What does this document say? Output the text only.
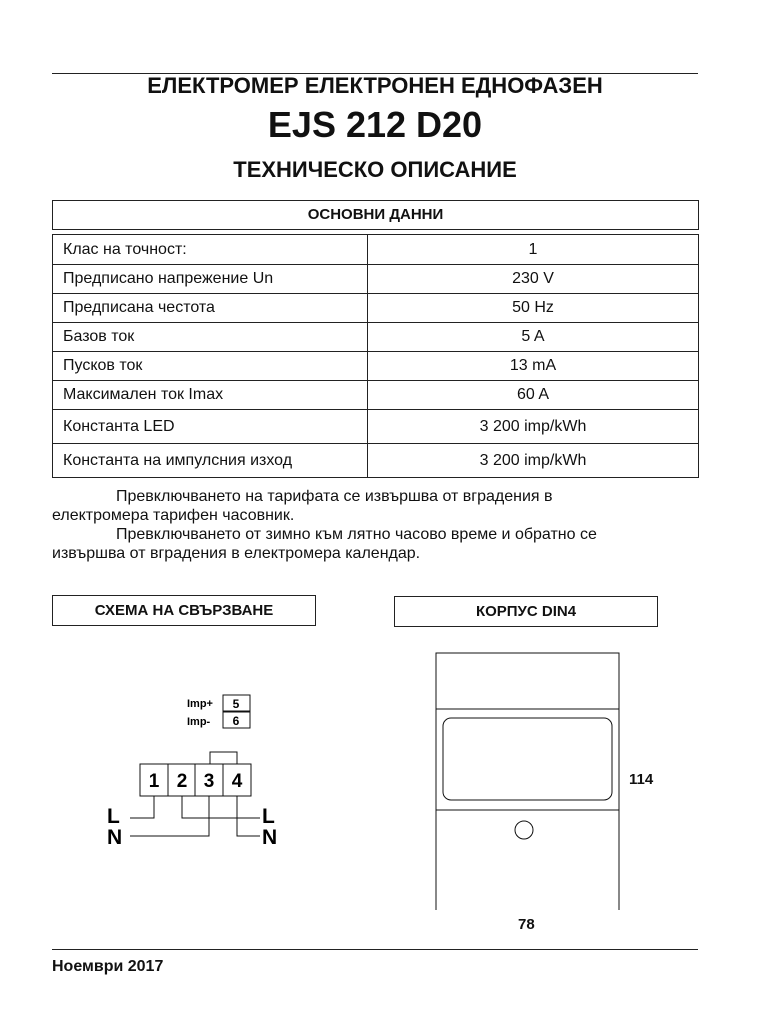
ЕЛЕКТРОМЕР ЕЛЕКТРОНЕН ЕДНОФАЗЕН
EJS 212 D20
ТЕХНИЧЕСКО ОПИСАНИЕ
ОСНОВНИ ДАННИ
Клас на точност:	1
Предписано напрежение Un	230 V
Предписана честота	50 Hz
Базов ток	5 A
Пусков ток	13 mA
Максимален ток Imax	60 A
Константа LED	3 200 imp/kWh
Константа на импулсния изход	3 200 imp/kWh
Превключването на тарифата се извършва от вградения в
електромера тарифен часовник.
Превключването от зимно към лятно часово време и обратно се
извършва от вградения в електромера календар.
СХЕМА НА СВЪРЗВАНЕ	КОРПУС DIN4
Imp+
Imp-
5
6
1 2 3 4
L
N
L
N
114
78
Ноември 2017
